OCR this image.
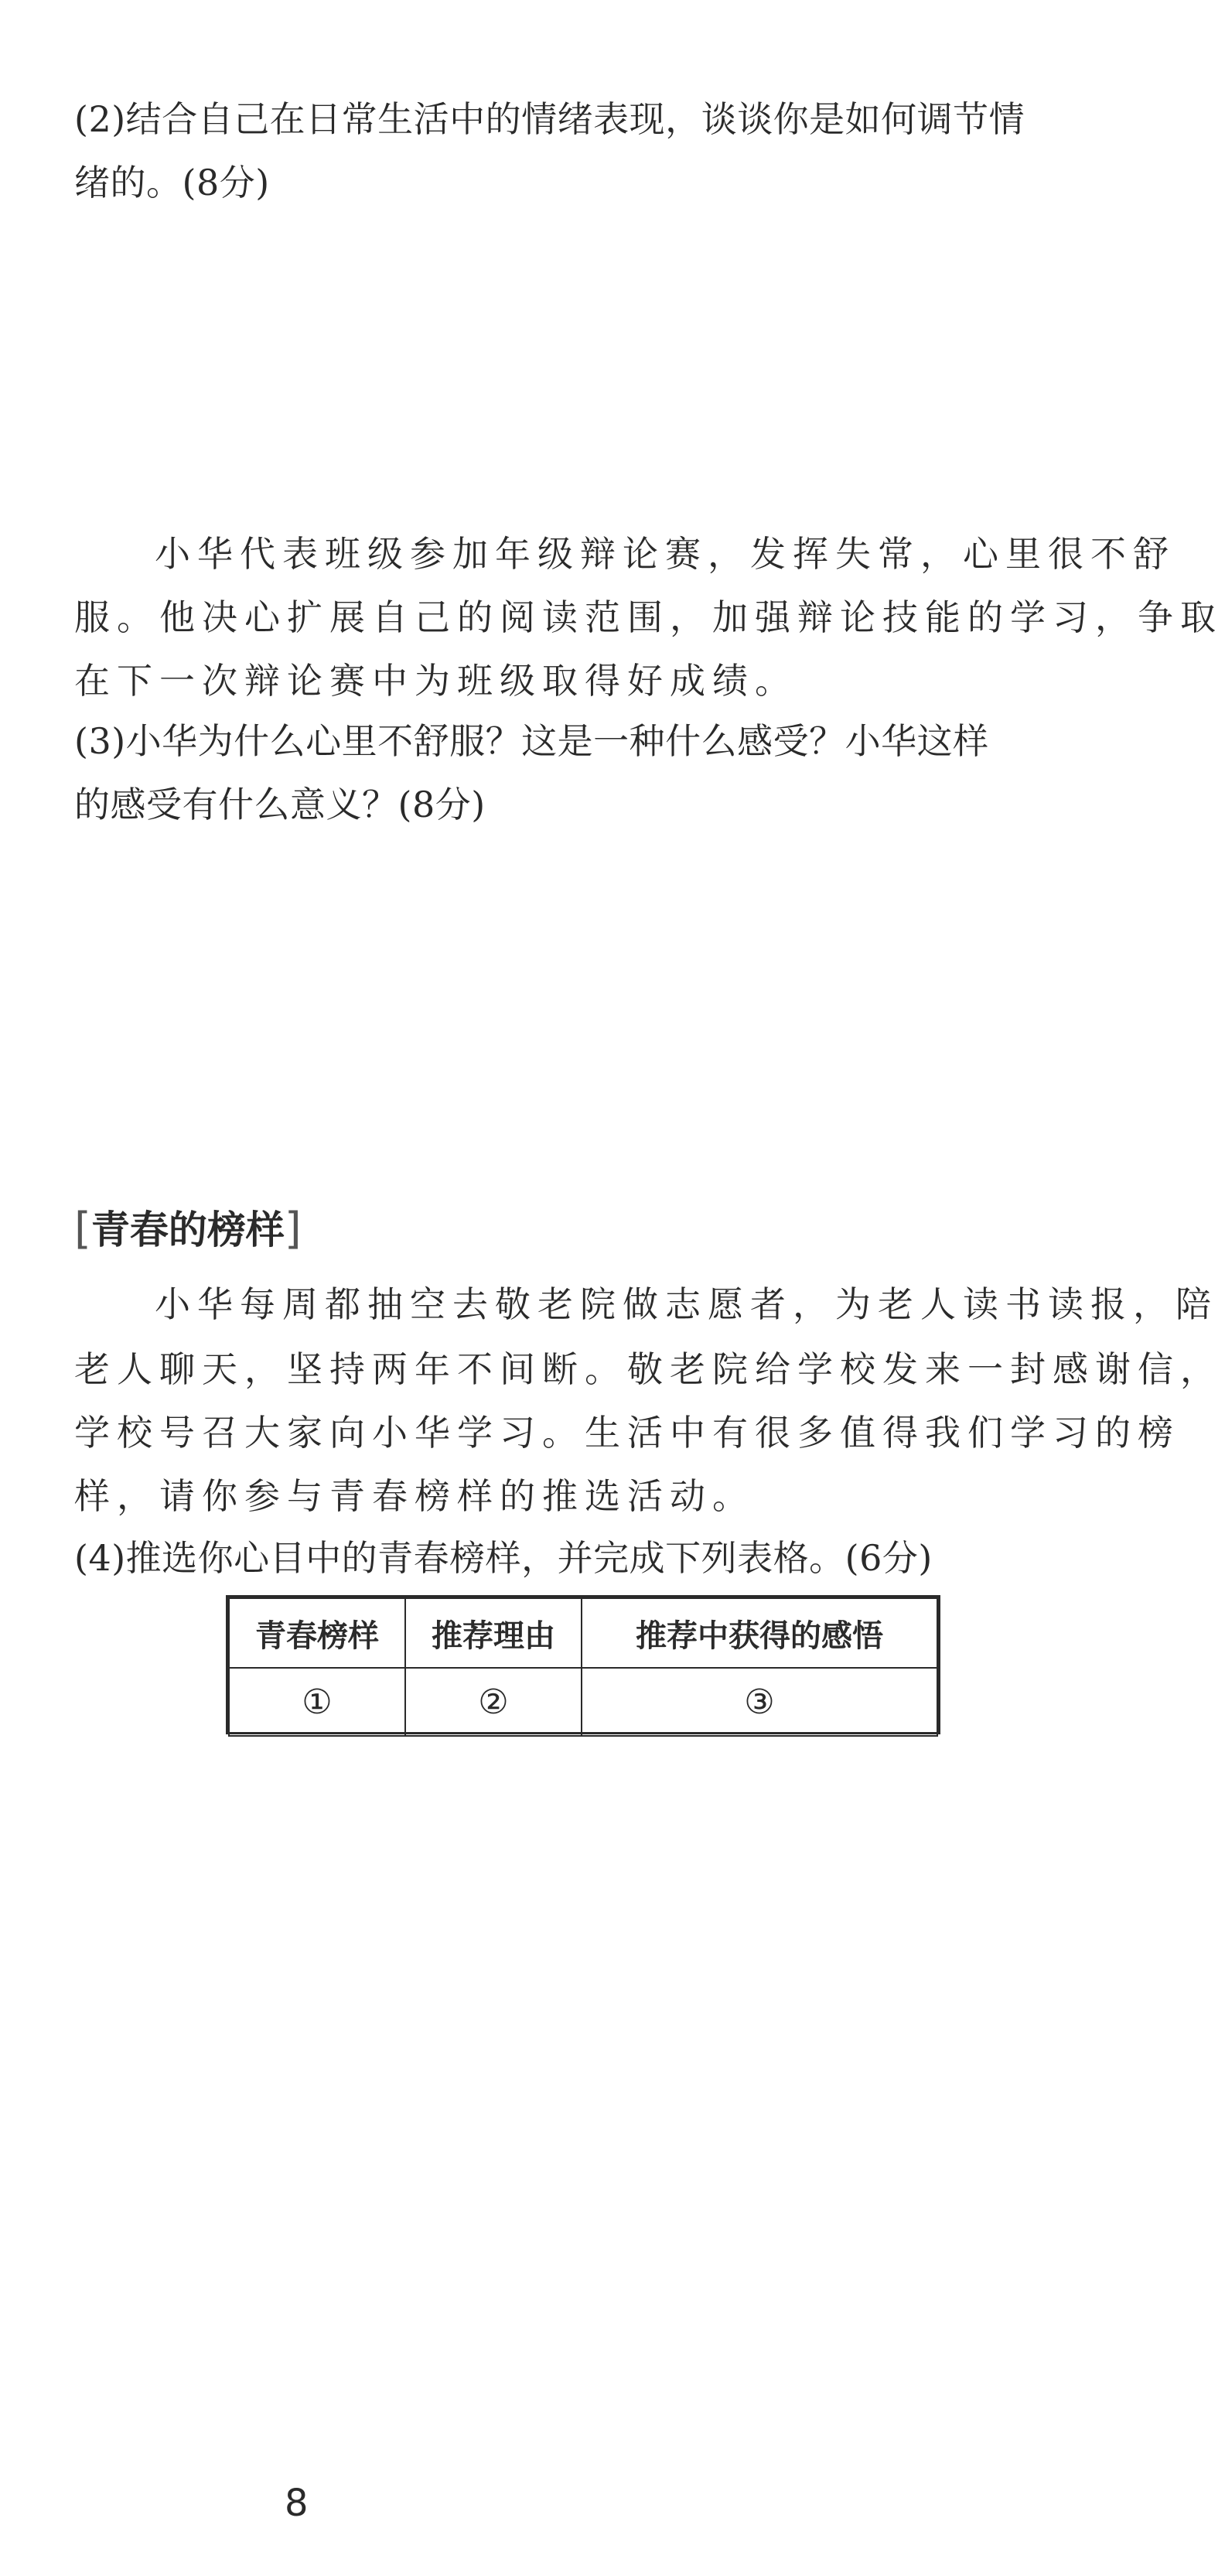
(2)结合自己在日常生活中的情绪表现，谈谈你是如何调节情
绪的。(8分)
小华代表班级参加年级辩论赛，发挥失常，心里很不舒
服。他决心扩展自己的阅读范围，加强辩论技能的学习，争取
在下一次辩论赛中为班级取得好成绩。
(3)小华为什么心里不舒服？这是一种什么感受？小华这样
的感受有什么意义？(8分)
[青春的榜样]
小华每周都抽空去敬老院做志愿者，为老人读书读报，陪
老人聊天，坚持两年不间断。敬老院给学校发来一封感谢信，
学校号召大家向小华学习。生活中有很多值得我们学习的榜
样，请你参与青春榜样的推选活动。
(4)推选你心目中的青春榜样，并完成下列表格。(6分)
青春榜样	推荐理由	推荐中获得的感悟
①	②	③
8
